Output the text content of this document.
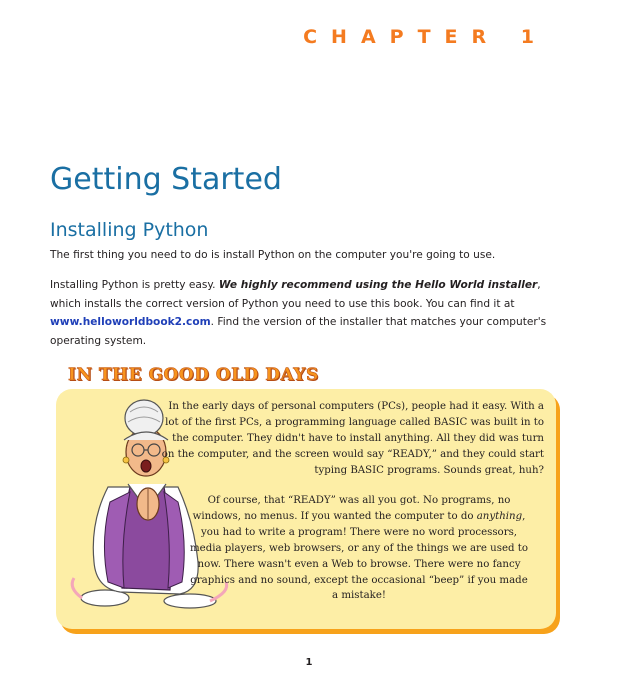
CHAPTER 1
Getting Started
Installing Python

The first thing you need to do is install Python on the computer you're going to use.

Installing Python is pretty easy. We highly recommend using the Hello World installer, which installs the correct version of Python you need to use this book. You can find it at www.helloworldbook2.com. Find the version of the installer that matches your computer's operating system.

IN THE GOOD OLD DAYS

In the early days of personal computers (PCs), people had it easy. With a lot of the first PCs, a programming language called BASIC was built in to the computer. They didn't have to install anything. All they did was turn on the computer, and the screen would say “READY,” and they could start typing BASIC programs. Sounds great, huh?

Of course, that “READY” was all you got. No programs, no windows, no menus. If you wanted the computer to do anything, you had to write a program! There were no word processors, media players, web browsers, or any of the things we are used to now. There wasn't even a Web to browse. There were no fancy graphics and no sound, except the occasional “beep” if you made a mistake!

1
